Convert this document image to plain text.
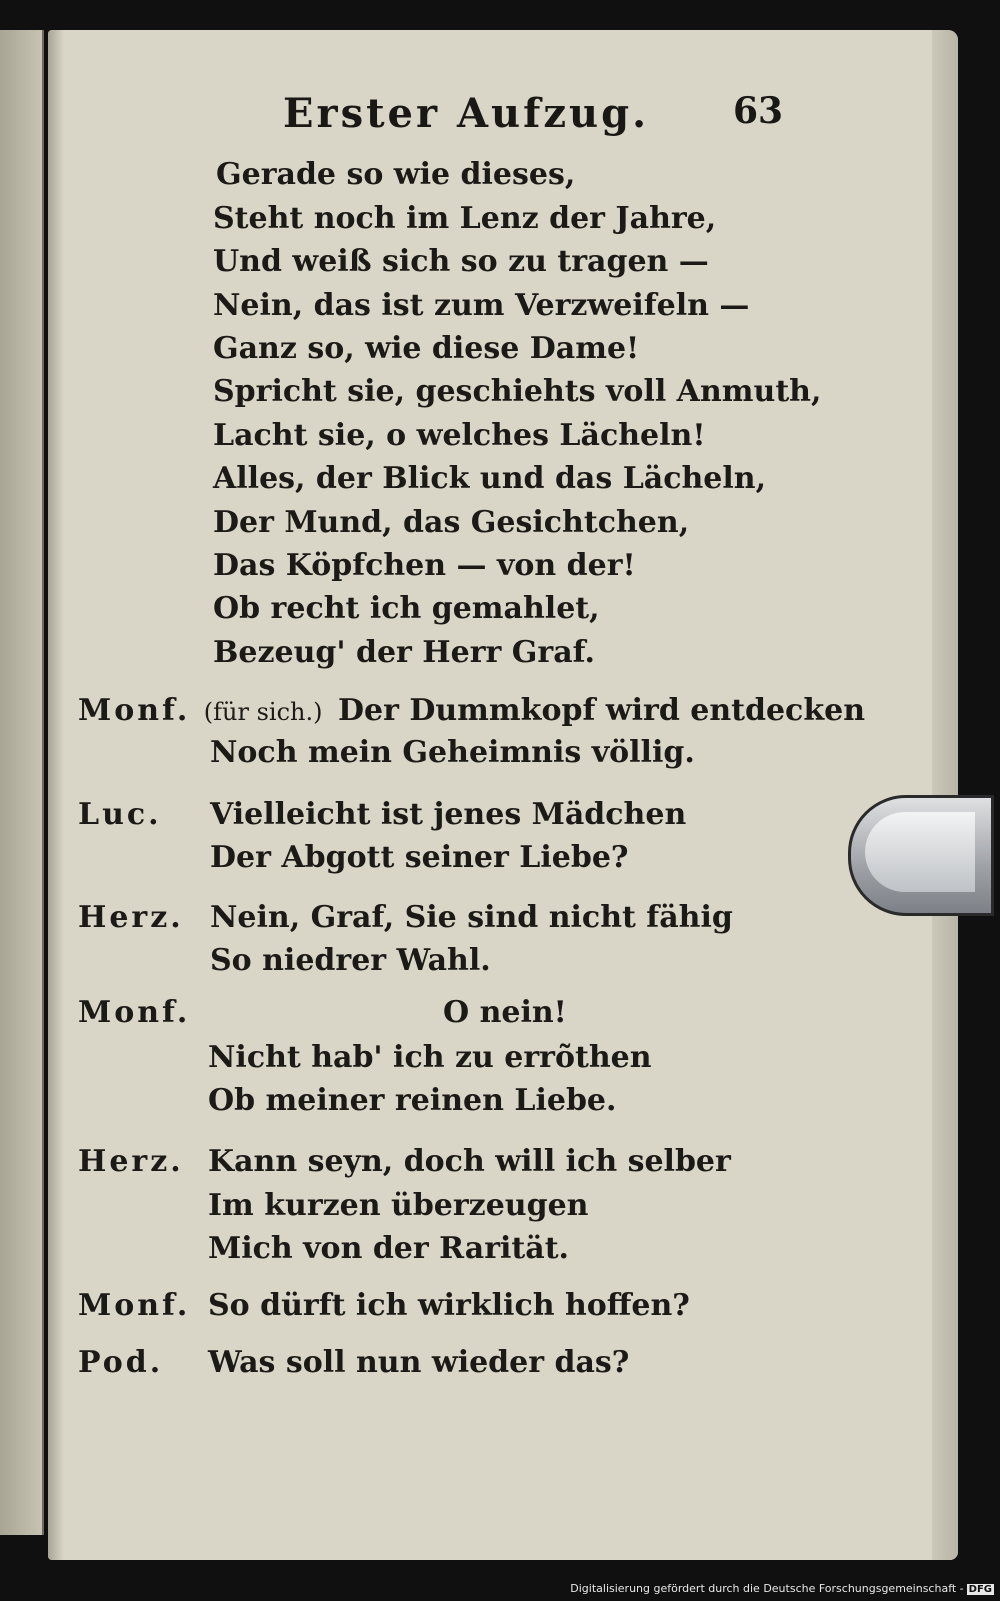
Erster Aufzug. 63
Gerade so wie dieses,
Steht noch im Lenz der Jahre,
Und weiß sich so zu tragen —
Nein, das ist zum Verzweifeln —
Ganz so, wie diese Dame!
Spricht sie, geschiehts voll Anmuth,
Lacht sie, o welches Lächeln!
Alles, der Blick und das Lächeln,
Der Mund, das Gesichtchen,
Das Köpfchen — von der!
Ob recht ich gemahlet,
Bezeug' der Herr Graf.
Monf. (für sich.) Der Dummkopf wird entdecken
Noch mein Geheimnis völlig.
Luc. Vielleicht ist jenes Mädchen
Der Abgott seiner Liebe?
Herz. Nein, Graf, Sie sind nicht fähig
So niedrer Wahl.
Monf.	O nein!
Nicht hab' ich zu errõthen
Ob meiner reinen Liebe.
Herz. Kann seyn, doch will ich selber
Im kurzen überzeugen
Mich von der Rarität.
Monf. So dürft ich wirklich hoffen?
Pod. Was soll nun wieder das?
Digitalisierung gefördert durch die Deutsche Forschungsgemeinschaft - DFG
